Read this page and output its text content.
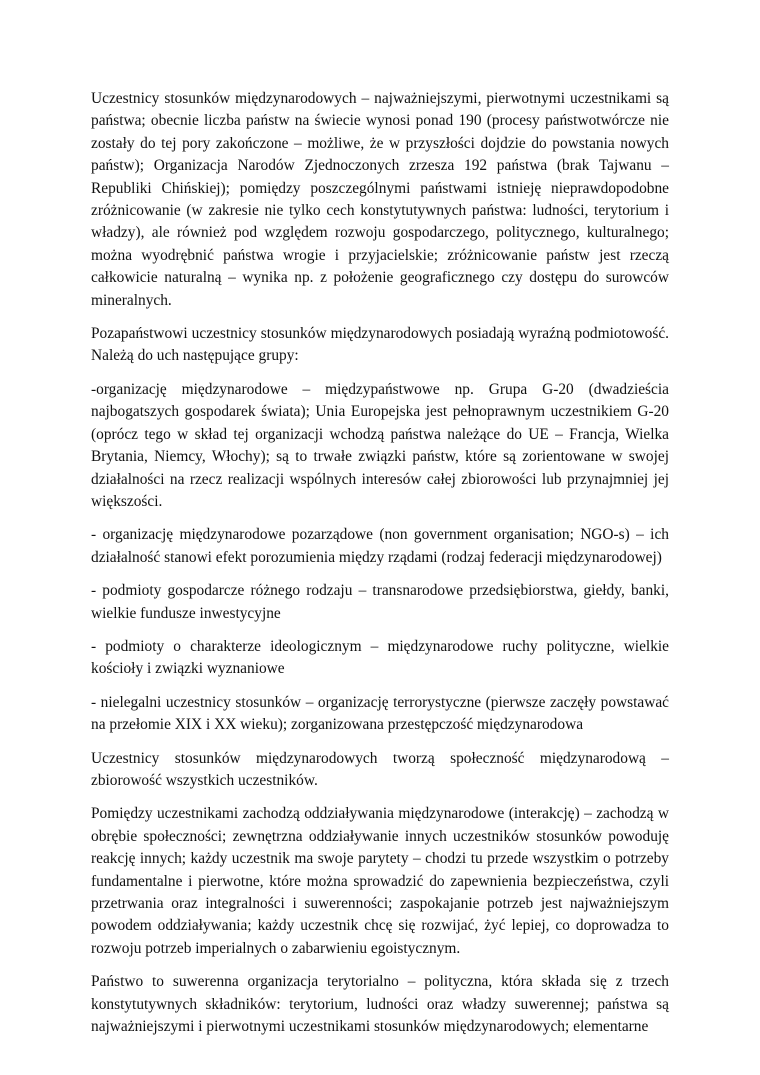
Uczestnicy stosunków międzynarodowych – najważniejszymi, pierwotnymi uczestnikami są państwa; obecnie liczba państw na świecie wynosi ponad 190 (procesy państwotwórcze nie zostały do tej pory zakończone – możliwe, że w przyszłości dojdzie do powstania nowych państw); Organizacja Narodów Zjednoczonych zrzesza 192 państwa (brak Tajwanu – Republiki Chińskiej); pomiędzy poszczególnymi państwami istnieję nieprawdopodobne zróżnicowanie (w zakresie nie tylko cech konstytutywnych państwa: ludności, terytorium i władzy), ale również pod względem rozwoju gospodarczego, politycznego, kulturalnego; można wyodrębnić państwa wrogie i przyjacielskie; zróżnicowanie państw jest rzeczą całkowicie naturalną – wynika np. z położenie geograficznego czy dostępu do surowców mineralnych.

Pozapaństwowi uczestnicy stosunków międzynarodowych posiadają wyraźną podmiotowość. Należą do uch następujące grupy:

-organizację międzynarodowe – międzypaństwowe np. Grupa G-20 (dwadzieścia najbogatszych gospodarek świata); Unia Europejska jest pełnoprawnym uczestnikiem G-20 (oprócz tego w skład tej organizacji wchodzą państwa należące do UE – Francja, Wielka Brytania, Niemcy, Włochy); są to trwałe związki państw, które są zorientowane w swojej działalności na rzecz realizacji wspólnych interesów całej zbiorowości lub przynajmniej jej większości.

- organizację międzynarodowe pozarządowe (non government organisation; NGO-s) – ich działalność stanowi efekt porozumienia między rządami (rodzaj federacji międzynarodowej)

- podmioty gospodarcze różnego rodzaju – transnarodowe przedsiębiorstwa, giełdy, banki, wielkie fundusze inwestycyjne

- podmioty o charakterze ideologicznym – międzynarodowe ruchy polityczne, wielkie kościoły i związki wyznaniowe

- nielegalni uczestnicy stosunków – organizację terrorystyczne (pierwsze zaczęły powstawać na przełomie XIX i XX wieku); zorganizowana przestępczość międzynarodowa

Uczestnicy stosunków międzynarodowych tworzą społeczność międzynarodową – zbiorowość wszystkich uczestników.

Pomiędzy uczestnikami zachodzą oddziaływania międzynarodowe (interakcję) – zachodzą w obrębie społeczności; zewnętrzna oddziaływanie innych uczestników stosunków powoduję reakcję innych; każdy uczestnik ma swoje parytety – chodzi tu przede wszystkim o potrzeby fundamentalne i pierwotne, które można sprowadzić do zapewnienia bezpieczeństwa, czyli przetrwania oraz integralności i suwerenności; zaspokajanie potrzeb jest najważniejszym powodem oddziaływania; każdy uczestnik chcę się rozwijać, żyć lepiej, co doprowadza to rozwoju potrzeb imperialnych o zabarwieniu egoistycznym.

Państwo to suwerenna organizacja terytorialno – polityczna, która składa się z trzech konstytutywnych składników: terytorium, ludności oraz władzy suwerennej; państwa są najważniejszymi i pierwotnymi uczestnikami stosunków międzynarodowych; elementarne
